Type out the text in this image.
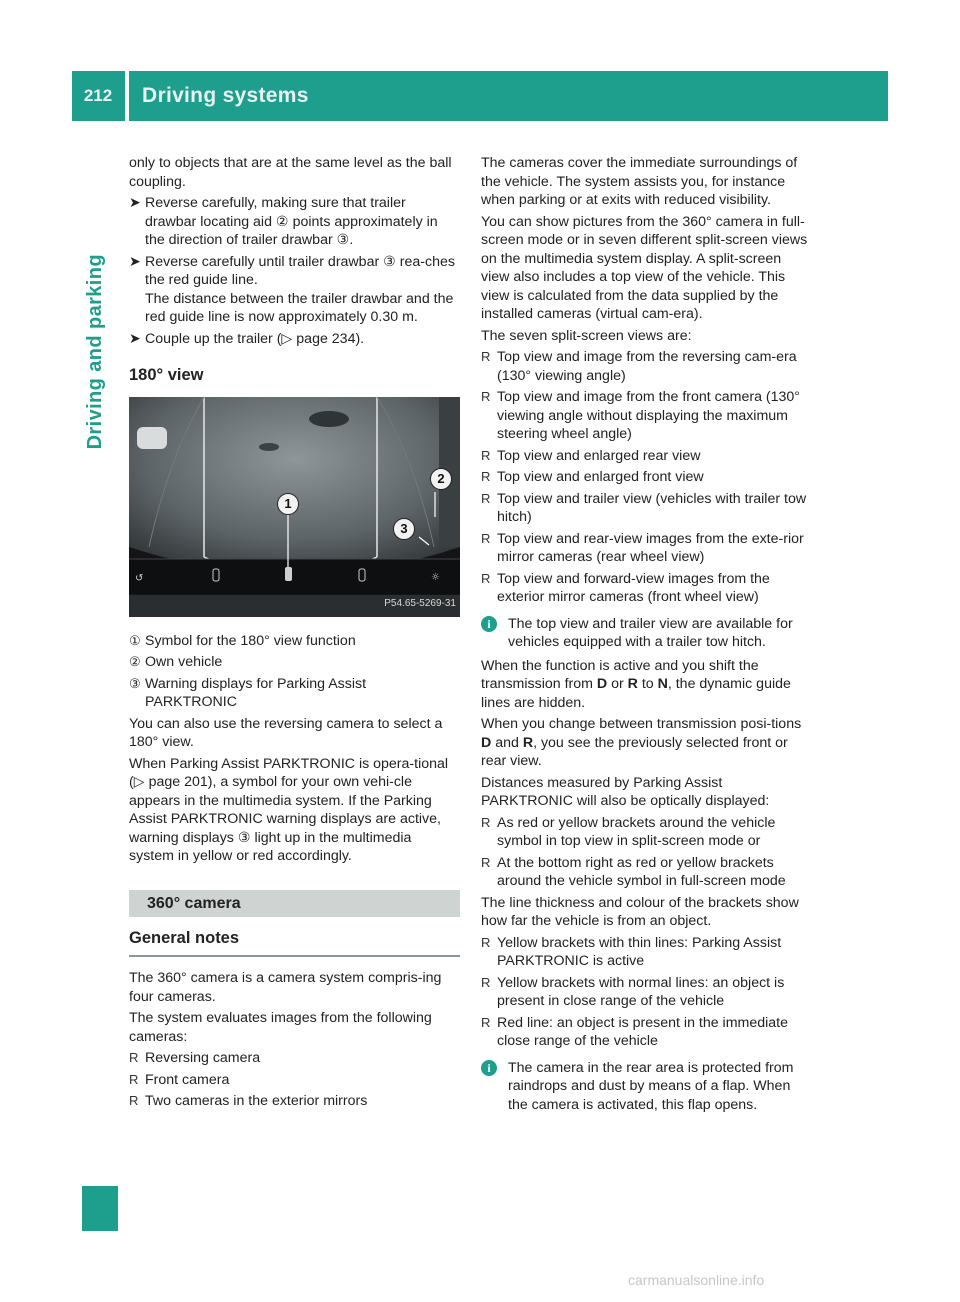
212	Driving systems
Driving and parking

only to objects that are at the same level as the ball coupling.

➤ Reverse carefully, making sure that trailer drawbar locating aid ② points approximately in the direction of trailer drawbar ③.
➤ Reverse carefully until trailer drawbar ③ rea-ches the red guide line.
The distance between the trailer drawbar and the red guide line is now approximately 0.30 m.
➤ Couple up the trailer (▷ page 234).
180° view
↺	☼
1
2
3
P54.65-5269-31
① Symbol for the 180° view function
② Own vehicle
③ Warning displays for Parking Assist PARKTRONIC

You can also use the reversing camera to select a 180° view.

When Parking Assist PARKTRONIC is opera-tional (▷ page 201), a symbol for your own vehi-cle appears in the multimedia system. If the Parking Assist PARKTRONIC warning displays are active, warning displays ③ light up in the multimedia system in yellow or red accordingly.

360° camera
General notes

The 360° camera is a camera system compris-ing four cameras.

The system evaluates images from the following cameras:

R Reversing camera
R Front camera
R Two cameras in the exterior mirrors

The cameras cover the immediate surroundings of the vehicle. The system assists you, for instance when parking or at exits with reduced visibility.

You can show pictures from the 360° camera in full-screen mode or in seven different split-screen views on the multimedia system display. A split-screen view also includes a top view of the vehicle. This view is calculated from the data supplied by the installed cameras (virtual cam-era).

The seven split-screen views are:

R Top view and image from the reversing cam-era (130° viewing angle)
R Top view and image from the front camera (130° viewing angle without displaying the maximum steering wheel angle)
R Top view and enlarged rear view
R Top view and enlarged front view
R Top view and trailer view (vehicles with trailer tow hitch)
R Top view and rear-view images from the exte-rior mirror cameras (rear wheel view)
R Top view and forward-view images from the exterior mirror cameras (front wheel view)
i	The top view and trailer view are available for vehicles equipped with a trailer tow hitch.

When the function is active and you shift the transmission from D or R to N, the dynamic guide lines are hidden.

When you change between transmission posi-tions D and R, you see the previously selected front or rear view.

Distances measured by Parking Assist PARKTRONIC will also be optically displayed:

R As red or yellow brackets around the vehicle symbol in top view in split-screen mode or
R At the bottom right as red or yellow brackets around the vehicle symbol in full-screen mode

The line thickness and colour of the brackets show how far the vehicle is from an object.

R Yellow brackets with thin lines: Parking Assist PARKTRONIC is active
R Yellow brackets with normal lines: an object is present in close range of the vehicle
R Red line: an object is present in the immediate close range of the vehicle
i	The camera in the rear area is protected from raindrops and dust by means of a flap. When the camera is activated, this flap opens.
carmanualsonline.info
